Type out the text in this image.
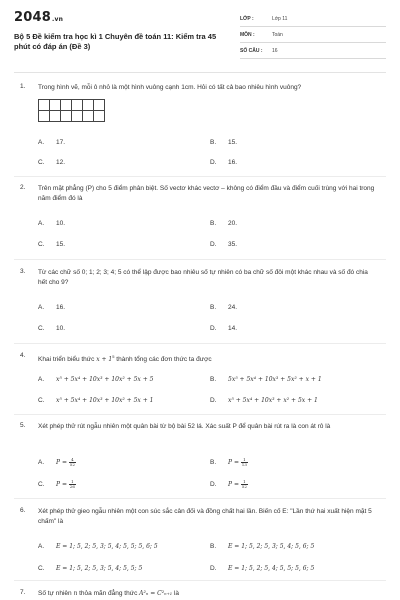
2048.vn
Bộ 5 Đề kiểm tra học kì 1 Chuyên đề toán 11: Kiểm tra 45 phút có đáp án (Đề 3)
LỚP :	Lớp 11
MÔN :	Toán
SỐ CÂU : 16
1. Trong hình vẽ, mỗi ô nhỏ là một hình vuông cạnh 1cm. Hỏi có tất cả bao nhiêu hình vuông?
A. 17.	B. 15.
C. 12.	D. 16.
2. Trên mặt phẳng (P) cho 5 điểm phân biệt. Số vectơ khác vectơ – không có điểm đầu và điểm cuối trùng với hai trong năm điểm đó là
A. 10.	B. 20.
C. 15.	D. 35.
3. Từ các chữ số 0; 1; 2; 3; 4; 5 có thể lập được bao nhiêu số tự nhiên có ba chữ số đôi một khác nhau và số đó chia hết cho 9?
A. 16.	B. 24.
C. 10.	D. 14.
4.
Khai triển biểu thức $x + 1^5$ thành tổng các đơn thức ta được
A. x⁵ + 5x⁴ + 10x³ + 10x² + 5x + 5	B. 5x⁵ + 5x⁴ + 10x³ + 5x² + x + 1
C. x⁵ + 5x⁴ + 10x³ + 10x² + 5x + 1	D. x⁵ + 5x⁴ + 10x³ + x² + 5x + 1
5. Xét phép thử rút ngẫu nhiên một quân bài từ bộ bài 52 lá. Xác suất P để quân bài rút ra là con át rô là
A. $P = \frac{4}{52}$	B. $P = \frac{1}{13}$
C. $P = \frac{1}{26}$	D. $P = \frac{1}{52}$
6. Xét phép thử gieo ngẫu nhiên một con súc sắc cân đối và đồng chất hai lần. Biến cố E: "Lần thứ hai xuất hiện mặt 5 chấm" là
A. E = 1; 5, 2; 5, 3; 5, 4; 5, 5; 5, 6; 5	B. E = 1; 5, 2; 5, 3; 5, 4; 5, 6; 5
C. E = 1; 5, 2; 5, 3; 5, 4; 5, 5; 5	D. E = 1; 5, 2; 5, 4; 5, 5; 5, 6; 5
7. Số tự nhiên n thỏa mãn đẳng thức A²ₙ = C²ₙ₊₁ là
